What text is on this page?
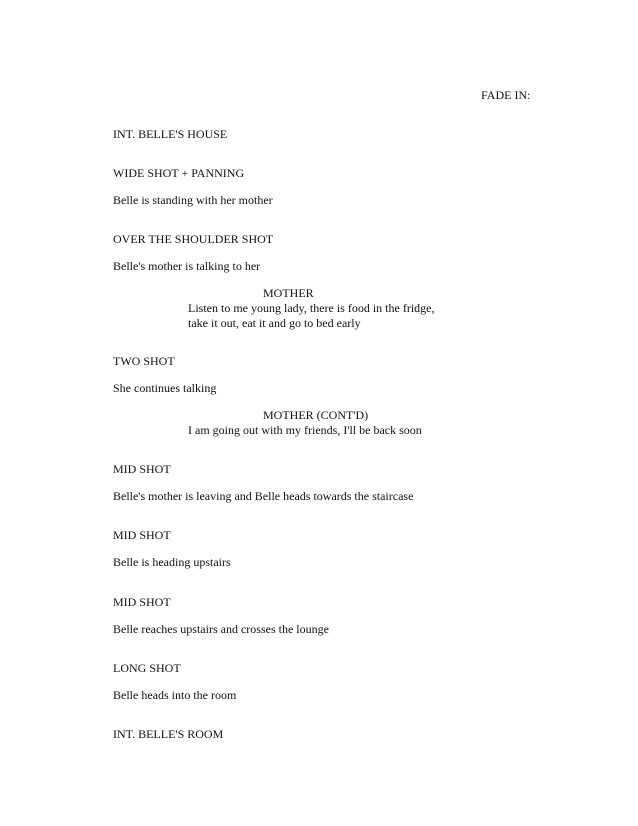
FADE IN:
INT. BELLE'S HOUSE
WIDE SHOT + PANNING
Belle is standing with her mother
OVER THE SHOULDER SHOT
Belle's mother is talking to her
MOTHER
Listen to me young lady, there is food in the fridge,
take it out, eat it and go to bed early
TWO SHOT
She continues talking
MOTHER (CONT'D)
I am going out with my friends, I'll be back soon
MID SHOT
Belle's mother is leaving and Belle heads towards the staircase
MID SHOT
Belle is heading upstairs
MID SHOT
Belle reaches upstairs and crosses the lounge
LONG SHOT
Belle heads into the room
INT. BELLE'S ROOM
